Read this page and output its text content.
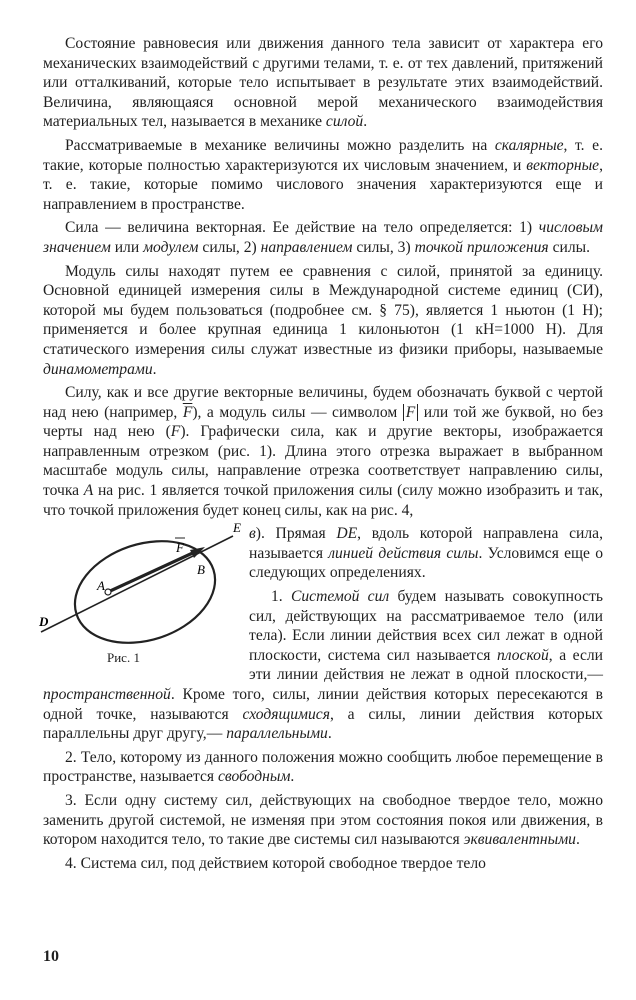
Состояние равновесия или движения данного тела зависит от характера его механических взаимодействий с другими телами, т. е. от тех давлений, притяжений или отталкиваний, которые тело испытывает в результате этих взаимодействий. Величина, являющаяся основной мерой механического взаимодействия материальных тел, называется в механике силой.

Рассматриваемые в механике величины можно разделить на скалярные, т. е. такие, которые полностью характеризуются их числовым значением, и векторные, т. е. такие, которые помимо числового значения характеризуются еще и направлением в пространстве.

Сила — величина векторная. Ее действие на тело определяется: 1) числовым значением или модулем силы, 2) направлением силы, 3) точкой приложения силы.

Модуль силы находят путем ее сравнения с силой, принятой за единицу. Основной единицей измерения силы в Международной системе единиц (СИ), которой мы будем пользоваться (подробнее см. § 75), является 1 ньютон (1 Н); применяется и более крупная единица 1 килоньютон (1 кН=1000 Н). Для статического измерения силы служат известные из физики приборы, называемые динамометрами.

Силу, как и все другие векторные величины, будем обозначать буквой с чертой над нею (например, $\overline{F}$), а модуль силы — символом F или той же буквой, но без черты над нею (F). Графически сила, как и другие векторы, изображается направленным отрезком (рис. 1). Длина этого отрезка выражает в выбранном масштабе модуль силы, направление отрезка соответствует направлению силы, точка A на рис. 1 является точкой приложения силы (силу можно изобразить и так, что точкой приложения будет конец силы, как на рис. 4,

E
F
B
A
D
Рис. 1

в). Прямая DE, вдоль которой направлена сила, называется линией действия силы. Условимся еще о следующих определениях.

1. Системой сил будем называть совокупность сил, действующих на рассматриваемое тело (или тела). Если линии действия всех сил лежат в одной плоскости, система сил называется плоской, а если эти линии действия не лежат в одной плоскости,— пространственной. Кроме того, силы, линии действия которых пересекаются в одной точке, называются сходящимися, а силы, линии действия которых параллельны друг другу,— параллельными.

2. Тело, которому из данного положения можно сообщить любое перемещение в пространстве, называется свободным.

3. Если одну систему сил, действующих на свободное твердое тело, можно заменить другой системой, не изменяя при этом состояния покоя или движения, в котором находится тело, то такие две системы сил называются эквивалентными.

4. Система сил, под действием которой свободное твердое тело

10
